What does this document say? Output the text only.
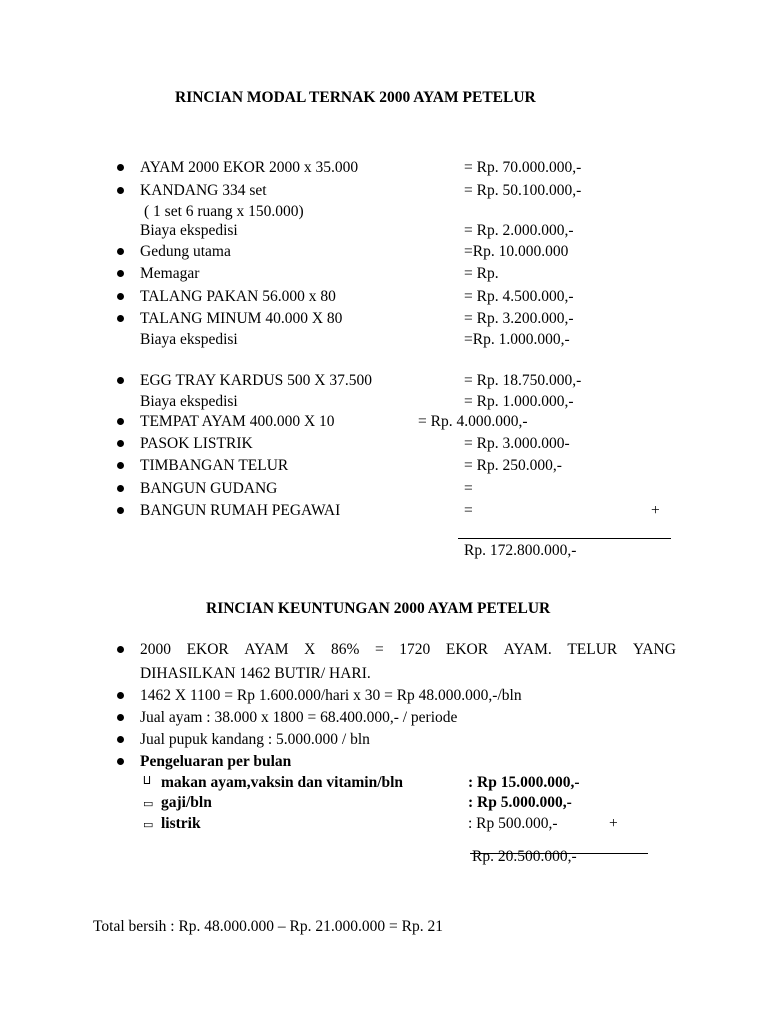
RINCIAN MODAL TERNAK 2000 AYAM PETELUR
AYAM 2000 EKOR 2000 x 35.000	= Rp. 70.000.000,-
KANDANG 334 set	= Rp. 50.100.000,-
( 1 set 6 ruang x 150.000)
Biaya ekspedisi	= Rp. 2.000.000,-
Gedung utama	=Rp. 10.000.000
Memagar	= Rp.
TALANG PAKAN 56.000 x 80	= Rp. 4.500.000,-
TALANG MINUM 40.000 X 80	= Rp. 3.200.000,-
Biaya ekspedisi	=Rp. 1.000.000,-
EGG TRAY KARDUS 500 X 37.500	= Rp. 18.750.000,-
Biaya ekspedisi	= Rp. 1.000.000,-
TEMPAT AYAM 400.000 X 10	= Rp. 4.000.000,-
PASOK LISTRIK	= Rp. 3.000.000-
TIMBANGAN TELUR	= Rp. 250.000,-
BANGUN GUDANG	=
BANGUN RUMAH PEGAWAI	=	+
Rp. 172.800.000,-
RINCIAN KEUNTUNGAN 2000 AYAM PETELUR
2000 EKOR AYAM X 86% = 1720 EKOR AYAM. TELUR YANG
DIHASILKAN 1462 BUTIR/ HARI.
1462 X 1100 = Rp 1.600.000/hari x 30 = Rp 48.000.000,-/bln
Jual ayam : 38.000 x 1800 = 68.400.000,- / periode
Jual pupuk kandang : 5.000.000 / bln
Pengeluaran per bulan
⨿ makan ayam,vaksin dan vitamin/bln	: Rp 15.000.000,-
▭ gaji/bln	: Rp 5.000.000,-
▭ listrik	: Rp 500.000,-	+
Rp. 20.500.000,-
Total bersih : Rp. 48.000.000 – Rp. 21.000.000 = Rp. 21
